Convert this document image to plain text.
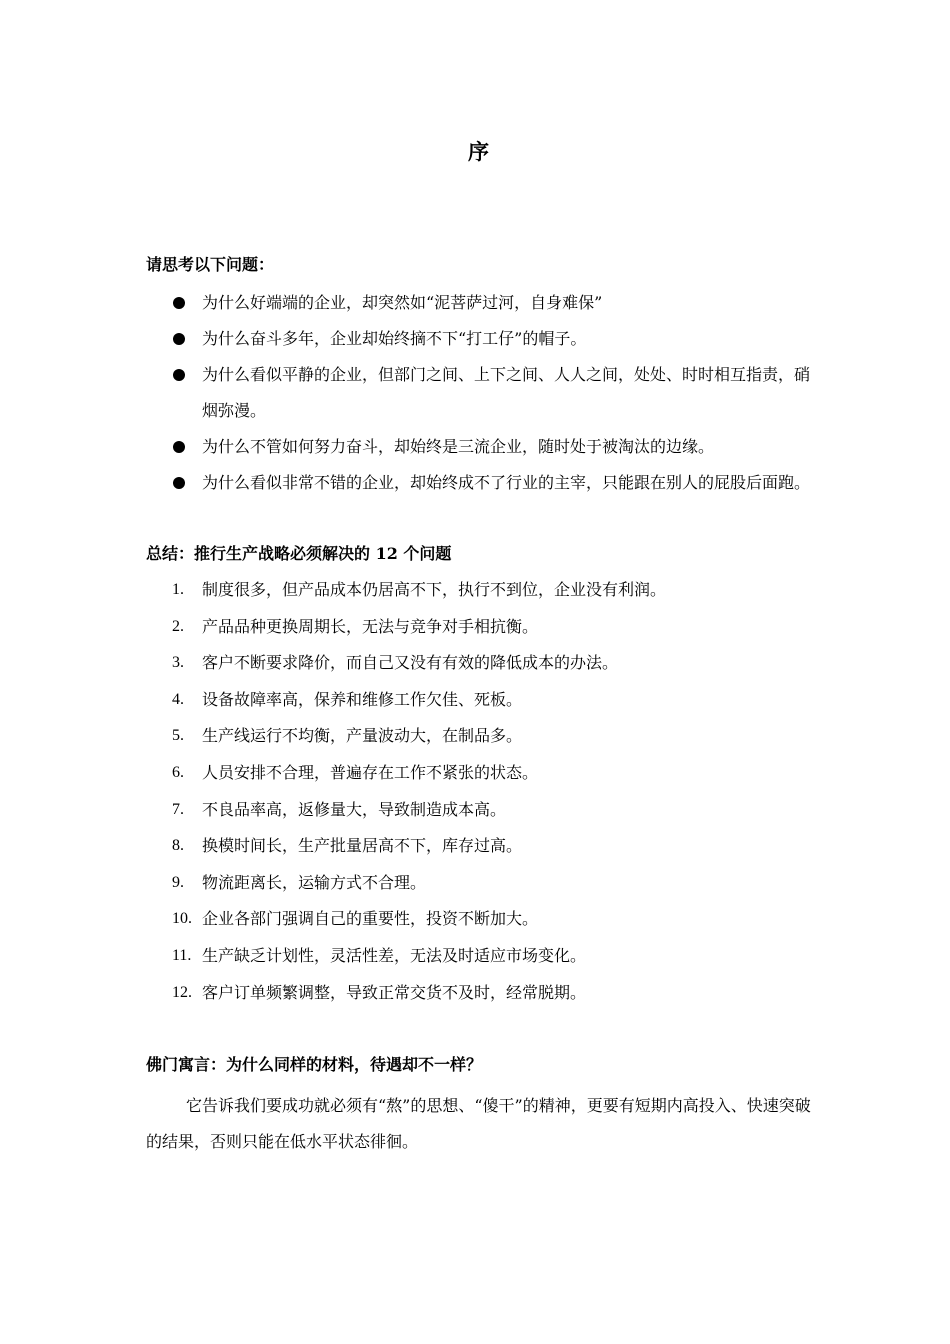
序
请思考以下问题：
为什么好端端的企业，却突然如“泥菩萨过河，自身难保”
为什么奋斗多年，企业却始终摘不下“打工仔”的帽子。
为什么看似平静的企业，但部门之间、上下之间、人人之间，处处、时时相互指责，硝烟弥漫。
为什么不管如何努力奋斗，却始终是三流企业，随时处于被淘汰的边缘。
为什么看似非常不错的企业，却始终成不了行业的主宰，只能跟在别人的屁股后面跑。
总结：推行生产战略必须解决的 12 个问题
1. 制度很多，但产品成本仍居高不下，执行不到位，企业没有利润。
2. 产品品种更换周期长，无法与竞争对手相抗衡。
3. 客户不断要求降价，而自己又没有有效的降低成本的办法。
4. 设备故障率高，保养和维修工作欠佳、死板。
5. 生产线运行不均衡，产量波动大，在制品多。
6. 人员安排不合理，普遍存在工作不紧张的状态。
7. 不良品率高，返修量大，导致制造成本高。
8. 换模时间长，生产批量居高不下，库存过高。
9. 物流距离长，运输方式不合理。
10. 企业各部门强调自己的重要性，投资不断加大。
11. 生产缺乏计划性，灵活性差，无法及时适应市场变化。
12. 客户订单频繁调整，导致正常交货不及时，经常脱期。
佛门寓言：为什么同样的材料，待遇却不一样？

它告诉我们要成功就必须有“熬”的思想、“傻干”的精神，更要有短期内高投入、快速突破的结果，否则只能在低水平状态徘徊。
